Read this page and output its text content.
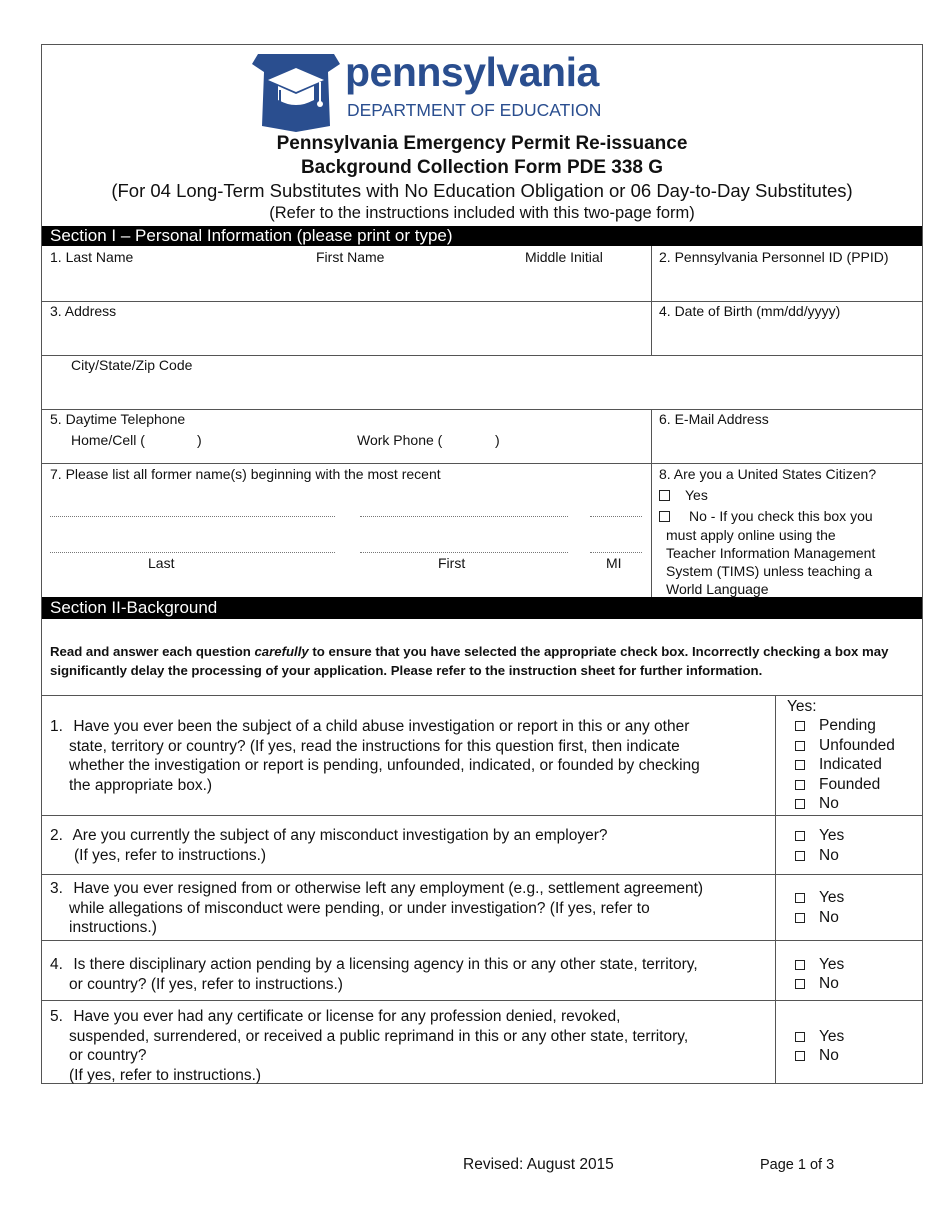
pennsylvania
DEPARTMENT OF EDUCATION
Pennsylvania Emergency Permit Re-issuance
Background Collection Form PDE 338 G
(For 04 Long-Term Substitutes with No Education Obligation or 06 Day-to-Day Substitutes)
(Refer to the instructions included with this two-page form)
Section I – Personal Information (please print or type)
1. Last Name	First Name	Middle Initial	2. Pennsylvania Personnel ID (PPID)
3. Address	4. Date of Birth (mm/dd/yyyy)
City/State/Zip Code
5. Daytime Telephone
Home/Cell (	)	Work Phone (	)
6. E-Mail Address
7. Please list all former name(s) beginning with the most recent
Last	First	MI
8. Are you a United States Citizen?
Yes
No - If you check this box you
must apply online using the
Teacher Information Management
System (TIMS) unless teaching a
World Language
Section II-Background
Read and answer each question carefully to ensure that you have selected the appropriate check box. Incorrectly checking a box may significantly delay the processing of your application. Please refer to the instruction sheet for further information.
1. Have you ever been the subject of a child abuse investigation or report in this or any other
state, territory or country? (If yes, read the instructions for this question first, then indicate
whether the investigation or report is pending, unfounded, indicated, or founded by checking
the appropriate box.)
Yes:
Pending
Unfounded
Indicated
Founded
No
2. Are you currently the subject of any misconduct investigation by an employer?
(If yes, refer to instructions.)
Yes
No
3. Have you ever resigned from or otherwise left any employment (e.g., settlement agreement)
while allegations of misconduct were pending, or under investigation? (If yes, refer to
instructions.)
Yes
No
4. Is there disciplinary action pending by a licensing agency in this or any other state, territory,
or country? (If yes, refer to instructions.)
Yes
No
5. Have you ever had any certificate or license for any profession denied, revoked,
suspended, surrendered, or received a public reprimand in this or any other state, territory,
or country?
(If yes, refer to instructions.)
Yes
No
Revised: August 2015	Page 1 of 3
